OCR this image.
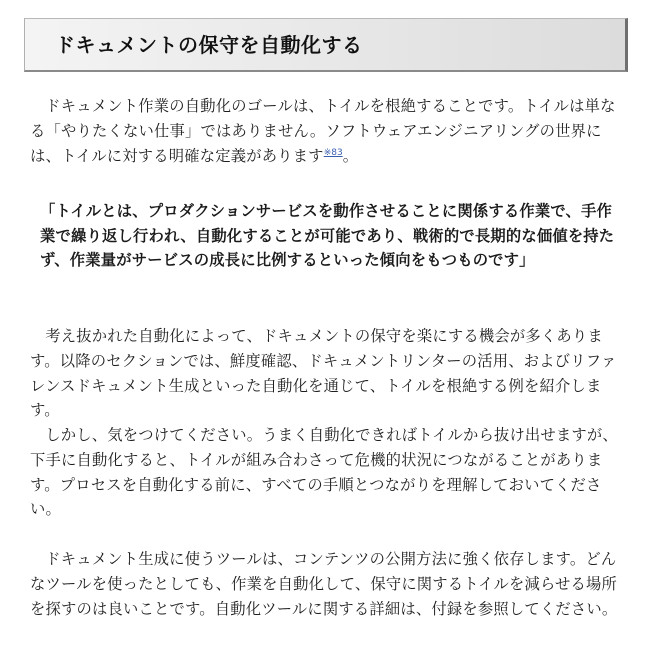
ドキュメントの保守を自動化する

ドキュメント作業の自動化のゴールは、トイルを根絶することです。トイルは単なる「やりたくない仕事」ではありません。ソフトウェアエンジニアリングの世界には、トイルに対する明確な定義があります$^{※83}$。

「トイルとは、プロダクションサービスを動作させることに関係する作業で、手作業で繰り返し行われ、自動化することが可能であり、戦術的で長期的な価値を持たず、作業量がサービスの成長に比例するといった傾向をもつものです」

考え抜かれた自動化によって、ドキュメントの保守を楽にする機会が多くあります。以降のセクションでは、鮮度確認、ドキュメントリンターの活用、およびリファレンスドキュメント生成といった自動化を通じて、トイルを根絶する例を紹介します。

しかし、気をつけてください。うまく自動化できればトイルから抜け出せますが、下手に自動化すると、トイルが組み合わさって危機的状況につながることがあります。プロセスを自動化する前に、すべての手順とつながりを理解しておいてください。

ドキュメント生成に使うツールは、コンテンツの公開方法に強く依存します。どんなツールを使ったとしても、作業を自動化して、保守に関するトイルを減らせる場所を探すのは良いことです。自動化ツールに関する詳細は、付録を参照してください。
